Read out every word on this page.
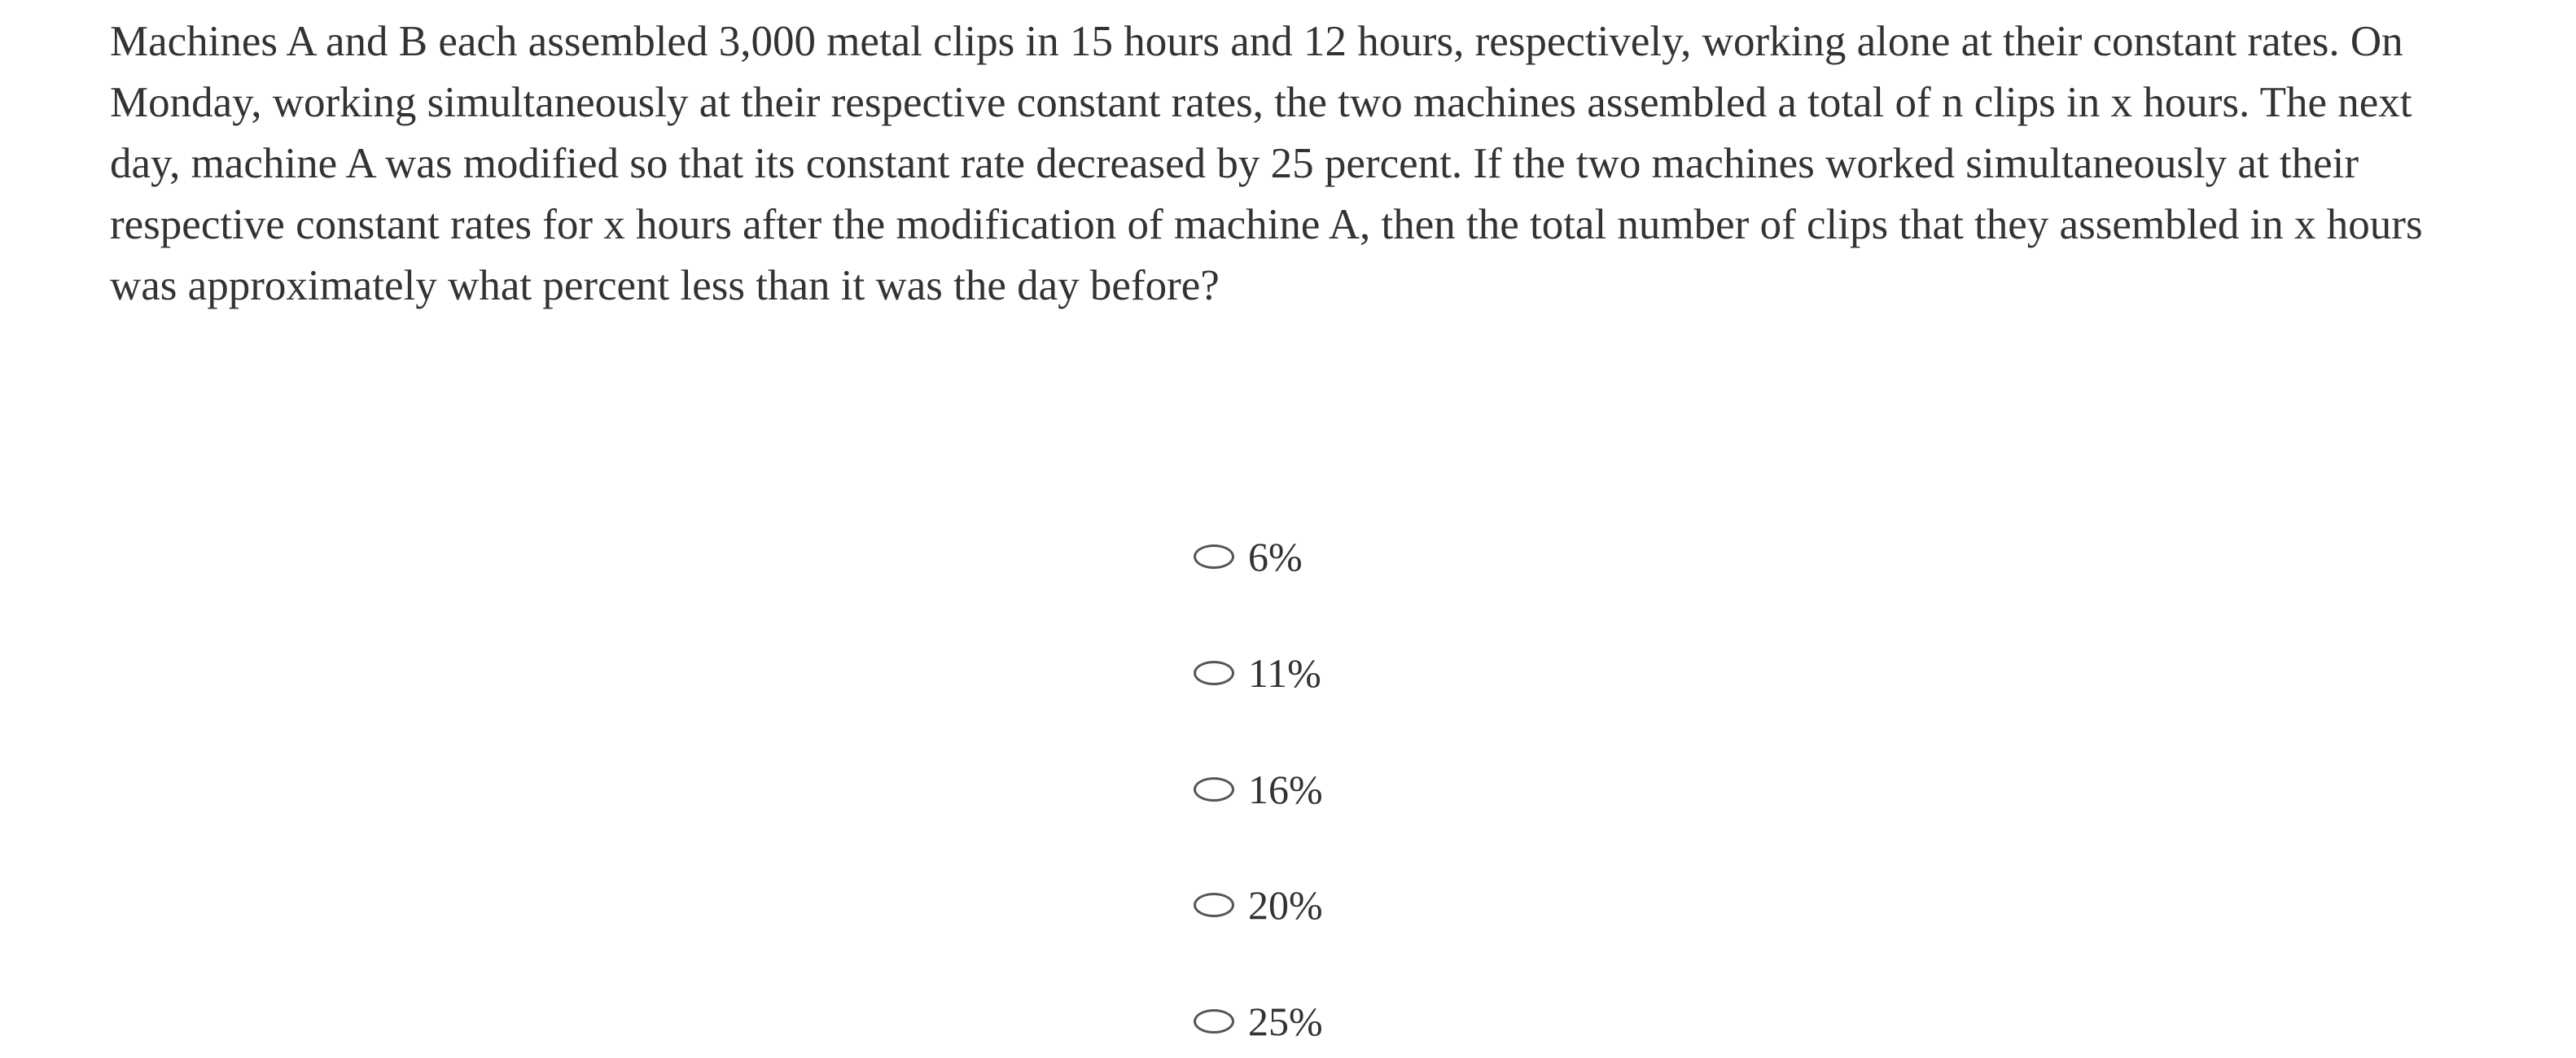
Machines A and B each assembled 3,000 metal clips in 15 hours and 12 hours, respectively, working alone at their constant rates. On
Monday, working simultaneously at their respective constant rates, the two machines assembled a total of n clips in x hours. The next
day, machine A was modified so that its constant rate decreased by 25 percent. If the two machines worked simultaneously at their
respective constant rates for x hours after the modification of machine A, then the total number of clips that they assembled in x hours
was approximately what percent less than it was the day before?

6%
11%
16%
20%
25%
